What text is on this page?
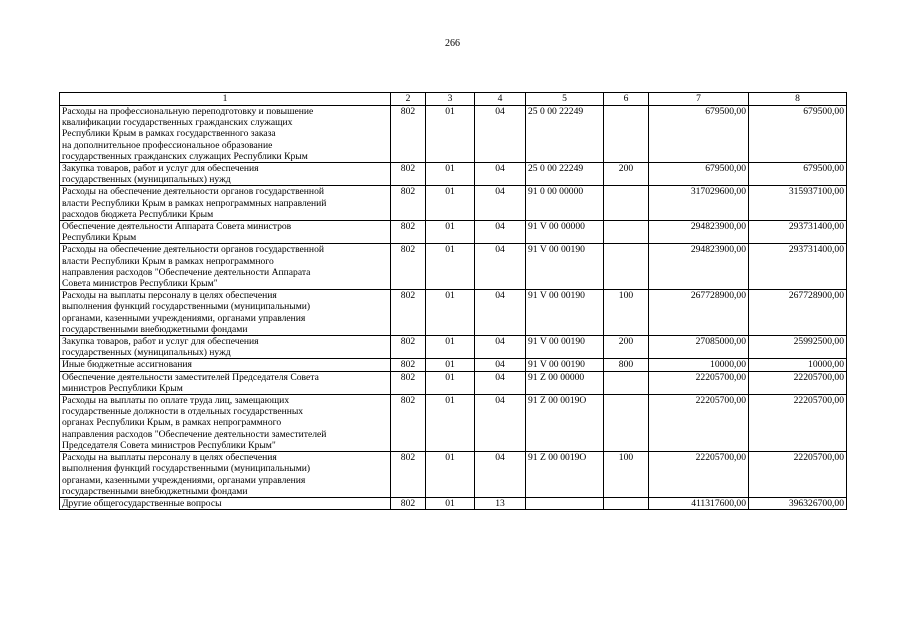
266
1	2	3	4	5	6	7	8
Расходы на профессиональную переподготовку и повышение
квалификации государственных гражданских служащих
Республики Крым в рамках государственного заказа
на дополнительное профессиональное образование
государственных гражданских служащих Республики Крым	802	01	04	25 0 00 22249		679500,00	679500,00
Закупка товаров, работ и услуг для обеспечения
государственных (муниципальных) нужд	802	01	04	25 0 00 22249	200	679500,00	679500,00
Расходы на обеспечение деятельности органов государственной
власти Республики Крым в рамках непрограммных направлений
расходов бюджета Республики Крым	802	01	04	91 0 00 00000		317029600,00	315937100,00
Обеспечение деятельности Аппарата Совета министров
Республики Крым	802	01	04	91 V 00 00000		294823900,00	293731400,00
Расходы на обеспечение деятельности органов государственной
власти Республики Крым в рамках непрограммного
направления расходов "Обеспечение деятельности Аппарата
Совета министров Республики Крым"	802	01	04	91 V 00 00190		294823900,00	293731400,00
Расходы на выплаты персоналу в целях обеспечения
выполнения функций государственными (муниципальными)
органами, казенными учреждениями, органами управления
государственными внебюджетными фондами	802	01	04	91 V 00 00190	100	267728900,00	267728900,00
Закупка товаров, работ и услуг для обеспечения
государственных (муниципальных) нужд	802	01	04	91 V 00 00190	200	27085000,00	25992500,00
Иные бюджетные ассигнования	802	01	04	91 V 00 00190	800	10000,00	10000,00
Обеспечение деятельности заместителей Председателя Совета
министров Республики Крым	802	01	04	91 Z 00 00000		22205700,00	22205700,00
Расходы на выплаты по оплате труда лиц, замещающих
государственные должности в отдельных государственных
органах Республики Крым, в рамках непрограммного
направления расходов "Обеспечение деятельности заместителей
Председателя Совета министров Республики Крым"	802	01	04	91 Z 00 0019О		22205700,00	22205700,00
Расходы на выплаты персоналу в целях обеспечения
выполнения функций государственными (муниципальными)
органами, казенными учреждениями, органами управления
государственными внебюджетными фондами	802	01	04	91 Z 00 0019О	100	22205700,00	22205700,00
Другие общегосударственные вопросы	802	01	13			411317600,00	396326700,00
